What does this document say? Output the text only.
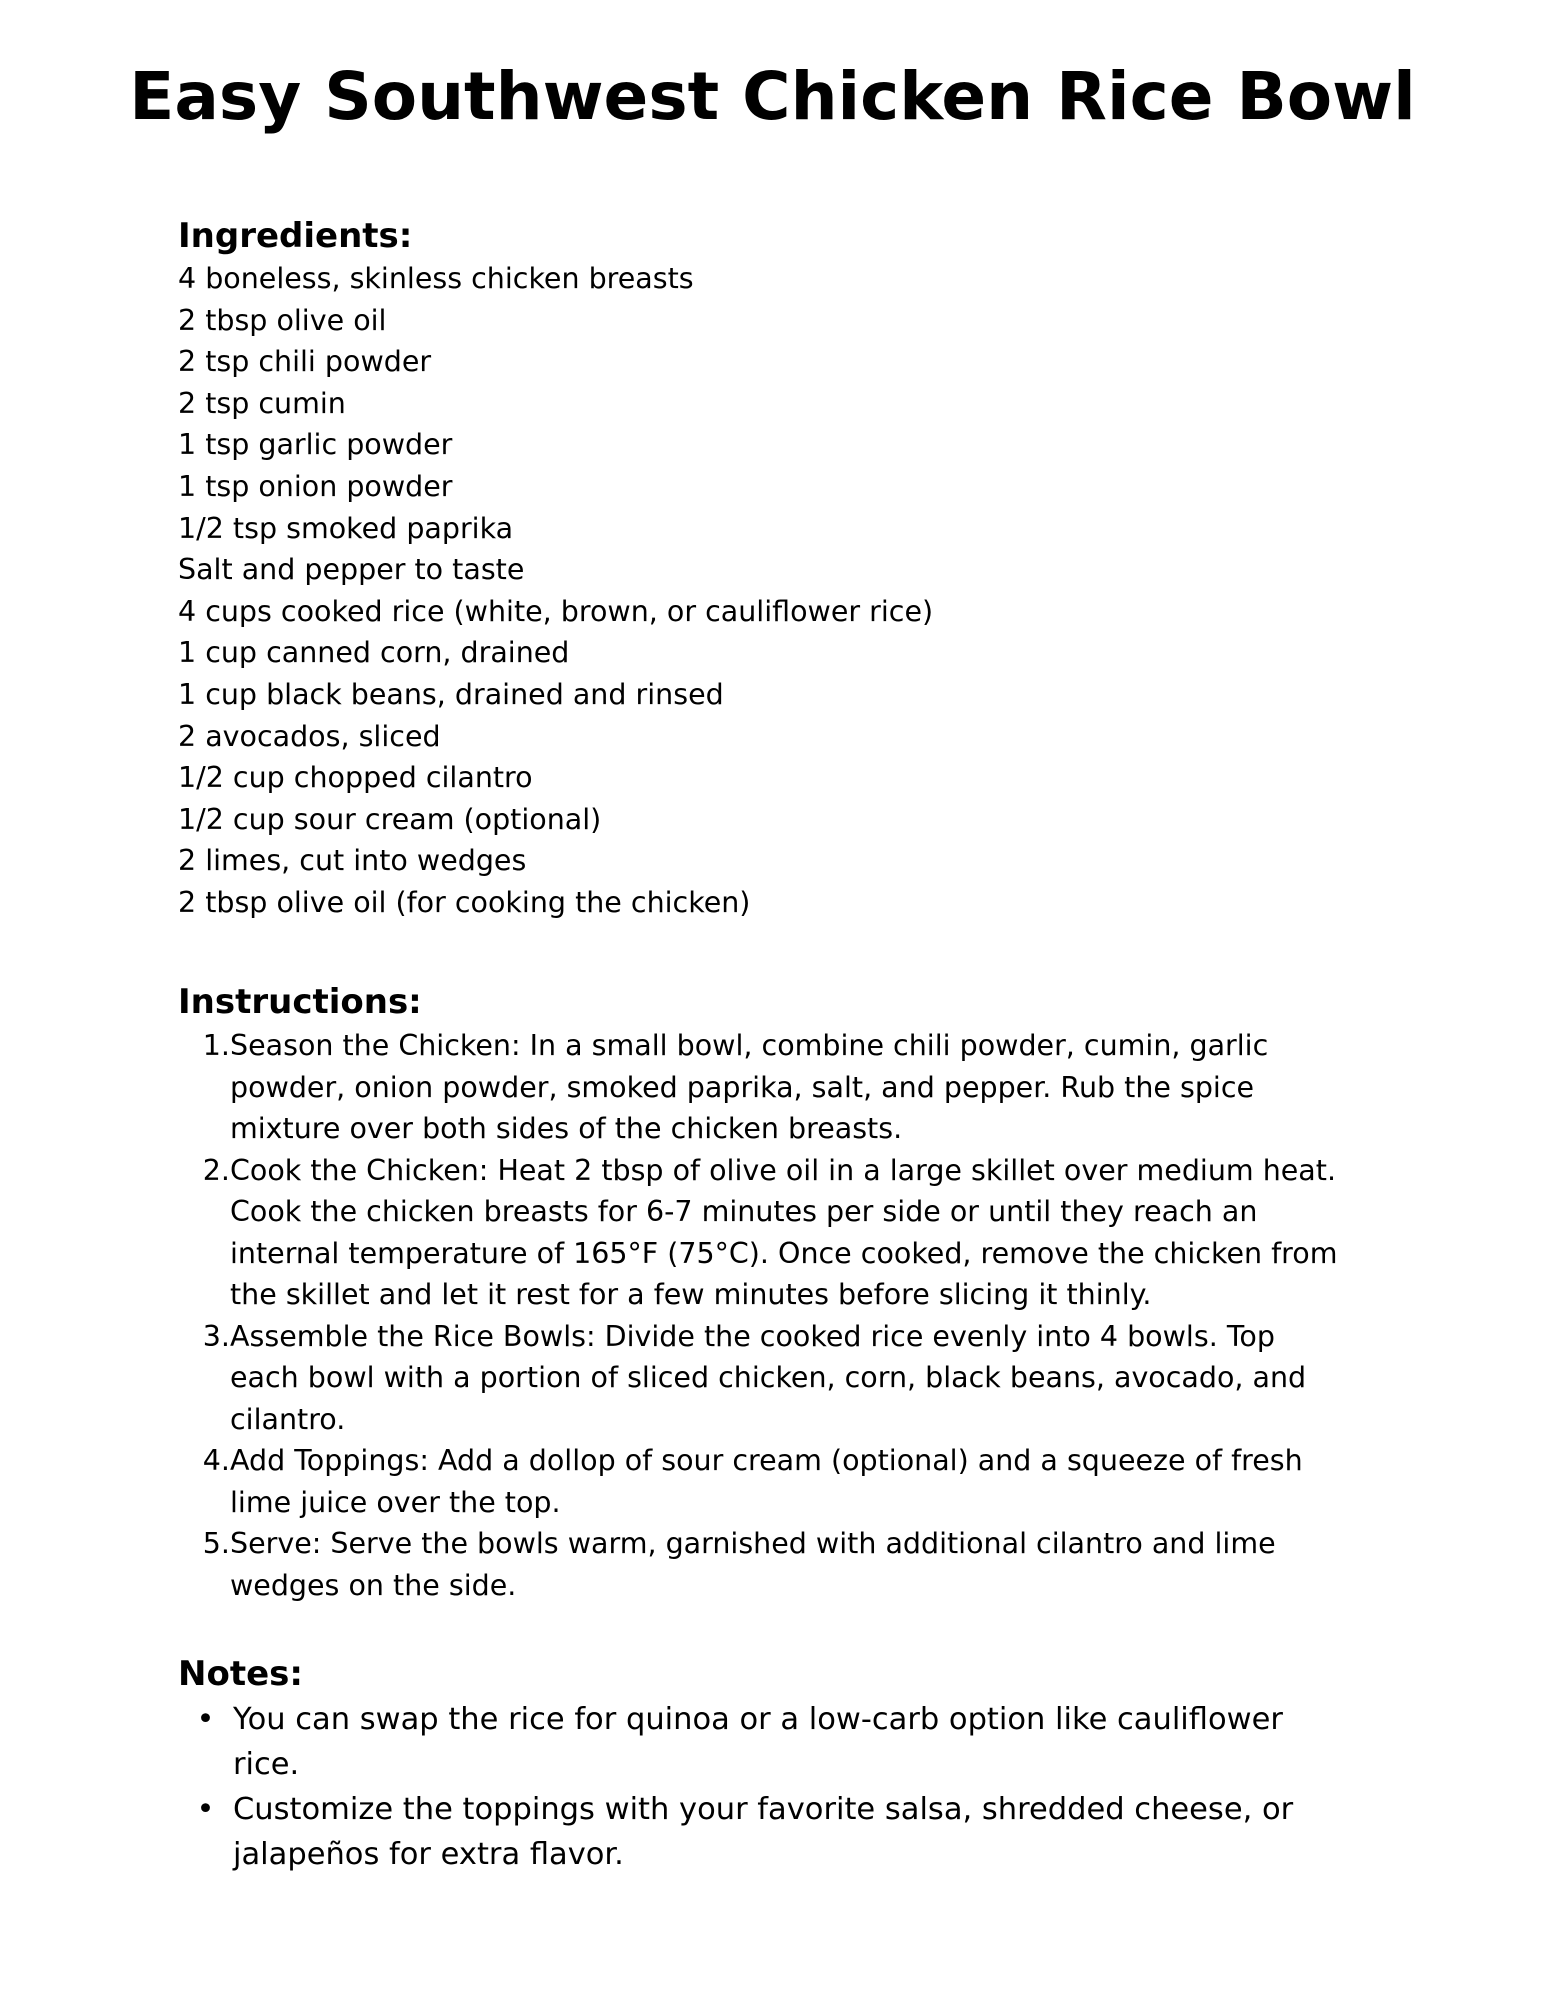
Easy Southwest Chicken Rice Bowl
Ingredients:
4 boneless, skinless chicken breasts
2 tbsp olive oil
2 tsp chili powder
2 tsp cumin
1 tsp garlic powder
1 tsp onion powder
1/2 tsp smoked paprika
Salt and pepper to taste
4 cups cooked rice (white, brown, or cauliflower rice)
1 cup canned corn, drained
1 cup black beans, drained and rinsed
2 avocados, sliced
1/2 cup chopped cilantro
1/2 cup sour cream (optional)
2 limes, cut into wedges
2 tbsp olive oil (for cooking the chicken)
Instructions:
1. Season the Chicken: In a small bowl, combine chili powder, cumin, garlic
powder, onion powder, smoked paprika, salt, and pepper. Rub the spice
mixture over both sides of the chicken breasts.
2. Cook the Chicken: Heat 2 tbsp of olive oil in a large skillet over medium heat.
Cook the chicken breasts for 6-7 minutes per side or until they reach an
internal temperature of 165°F (75°C). Once cooked, remove the chicken from
the skillet and let it rest for a few minutes before slicing it thinly.
3. Assemble the Rice Bowls: Divide the cooked rice evenly into 4 bowls. Top
each bowl with a portion of sliced chicken, corn, black beans, avocado, and
cilantro.
4. Add Toppings: Add a dollop of sour cream (optional) and a squeeze of fresh
lime juice over the top.
5. Serve: Serve the bowls warm, garnished with additional cilantro and lime
wedges on the side.
Notes:
• You can swap the rice for quinoa or a low-carb option like cauliflower
rice.
• Customize the toppings with your favorite salsa, shredded cheese, or
jalapeños for extra flavor.
